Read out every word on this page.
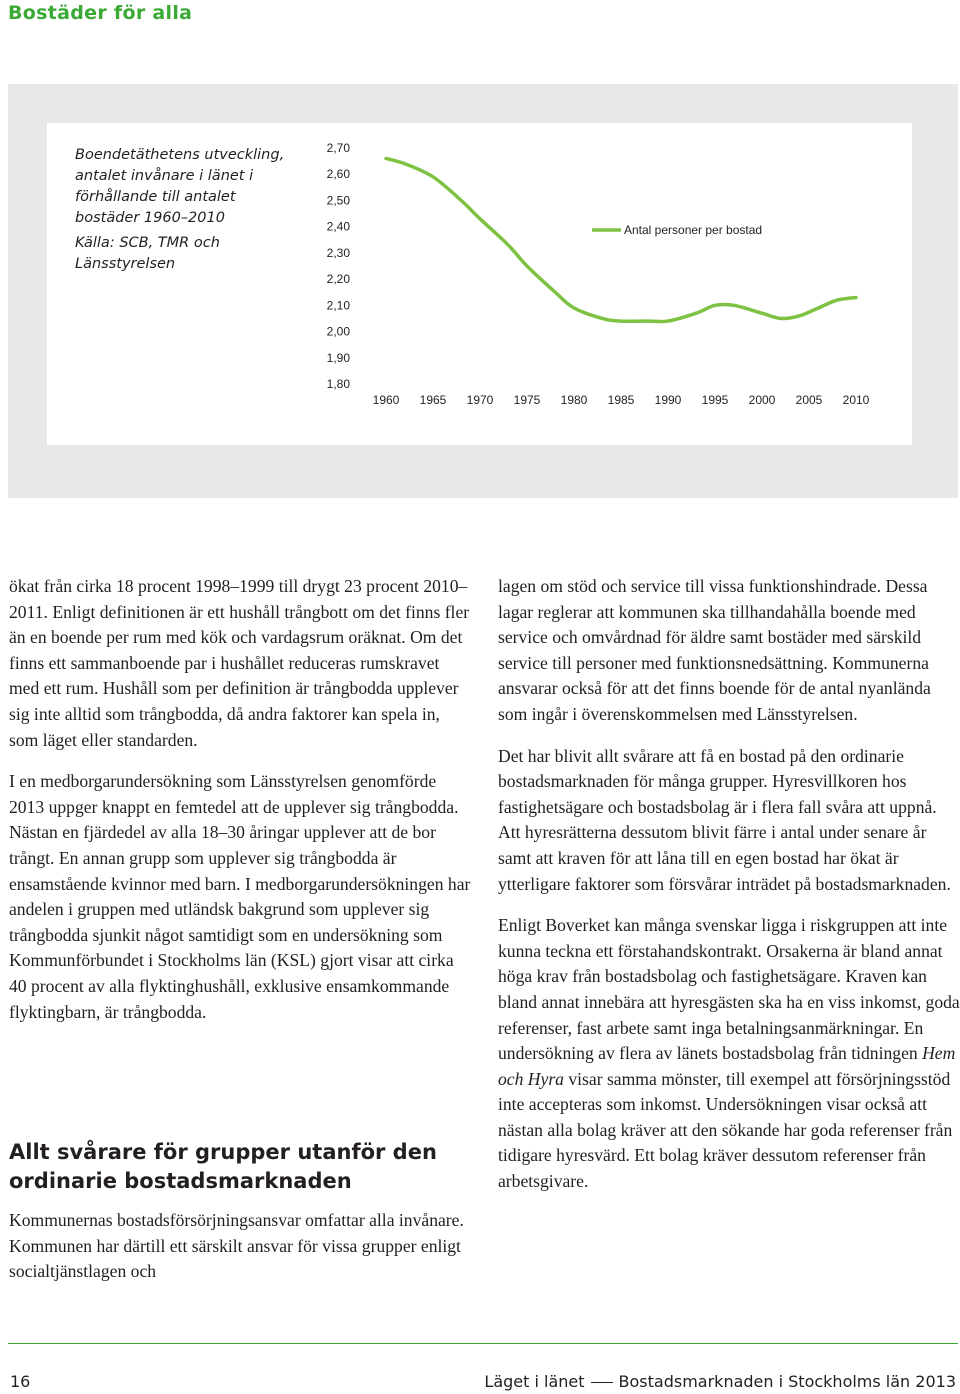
Bostäder för alla

Boendetäthetens utveckling, antalet invånare i länet i förhållande till antalet bostäder 1960–2010

Källa: SCB, TMR och Länsstyrelsen

2,70
2,60
2,50
2,40
2,30
2,20
2,10
2,00
1,90
1,80
1960 1965 1970 1975 1980 1985 1990 1995 2000 2005 2010
Antal personer per bostad

ökat från cirka 18 procent 1998–1999 till drygt 23 procent 2010–2011. Enligt definitionen är ett hushåll trångbott om det finns fler än en boende per rum med kök och vardagsrum oräknat. Om det finns ett sammanboende par i hushållet reduceras rumskravet med ett rum. Hushåll som per definition är trångbodda upplever sig inte alltid som trångbodda, då andra faktorer kan spela in, som läget eller standarden.

I en medborgarundersökning som Länsstyrelsen genomförde 2013 uppger knappt en femtedel att de upplever sig trångbodda. Nästan en fjärdedel av alla 18–30 åringar upplever att de bor trångt. En annan grupp som upplever sig trångbodda är ensamstående kvinnor med barn. I medborgarundersökningen har andelen i gruppen med utländsk bakgrund som upplever sig trångbodda sjunkit något samtidigt som en undersökning som Kommunförbundet i Stockholms län (KSL) gjort visar att cirka 40 procent av alla flyktinghushåll, exklusive ensamkommande flyktingbarn, är trångbodda.

Allt svårare för grupper utanför den ordinarie bostadsmarknaden

Kommunernas bostadsförsörjningsansvar omfattar alla invånare. Kommunen har därtill ett särskilt ansvar för vissa grupper enligt socialtjänstlagen och

lagen om stöd och service till vissa funktionshindrade. Dessa lagar reglerar att kommunen ska tillhandahålla boende med service och omvårdnad för äldre samt bostäder med särskild service till personer med funktionsnedsättning. Kommunerna ansvarar också för att det finns boende för de antal nyanlända som ingår i överenskommelsen med Länsstyrelsen.

Det har blivit allt svårare att få en bostad på den ordinarie bostadsmarknaden för många grupper. Hyresvillkoren hos fastighetsägare och bostadsbolag är i flera fall svåra att uppnå. Att hyresrätterna dessutom blivit färre i antal under senare år samt att kraven för att låna till en egen bostad har ökat är ytterligare faktorer som försvårar inträdet på bostadsmarknaden.

Enligt Boverket kan många svenskar ligga i riskgruppen att inte kunna teckna ett förstahandskontrakt. Orsakerna är bland annat höga krav från bostadsbolag och fastighetsägare. Kraven kan bland annat innebära att hyresgästen ska ha en viss inkomst, goda referenser, fast arbete samt inga betalningsanmärkningar. En undersökning av flera av länets bostadsbolag från tidningen Hem och Hyra visar samma mönster, till exempel att försörjningsstöd inte accepteras som inkomst. Undersökningen visar också att nästan alla bolag kräver att den sökande har goda referenser från tidigare hyresvärd. Ett bolag kräver dessutom referenser från arbetsgivare.

16	Läget i länet Bostadsmarknaden i Stockholms län 2013
